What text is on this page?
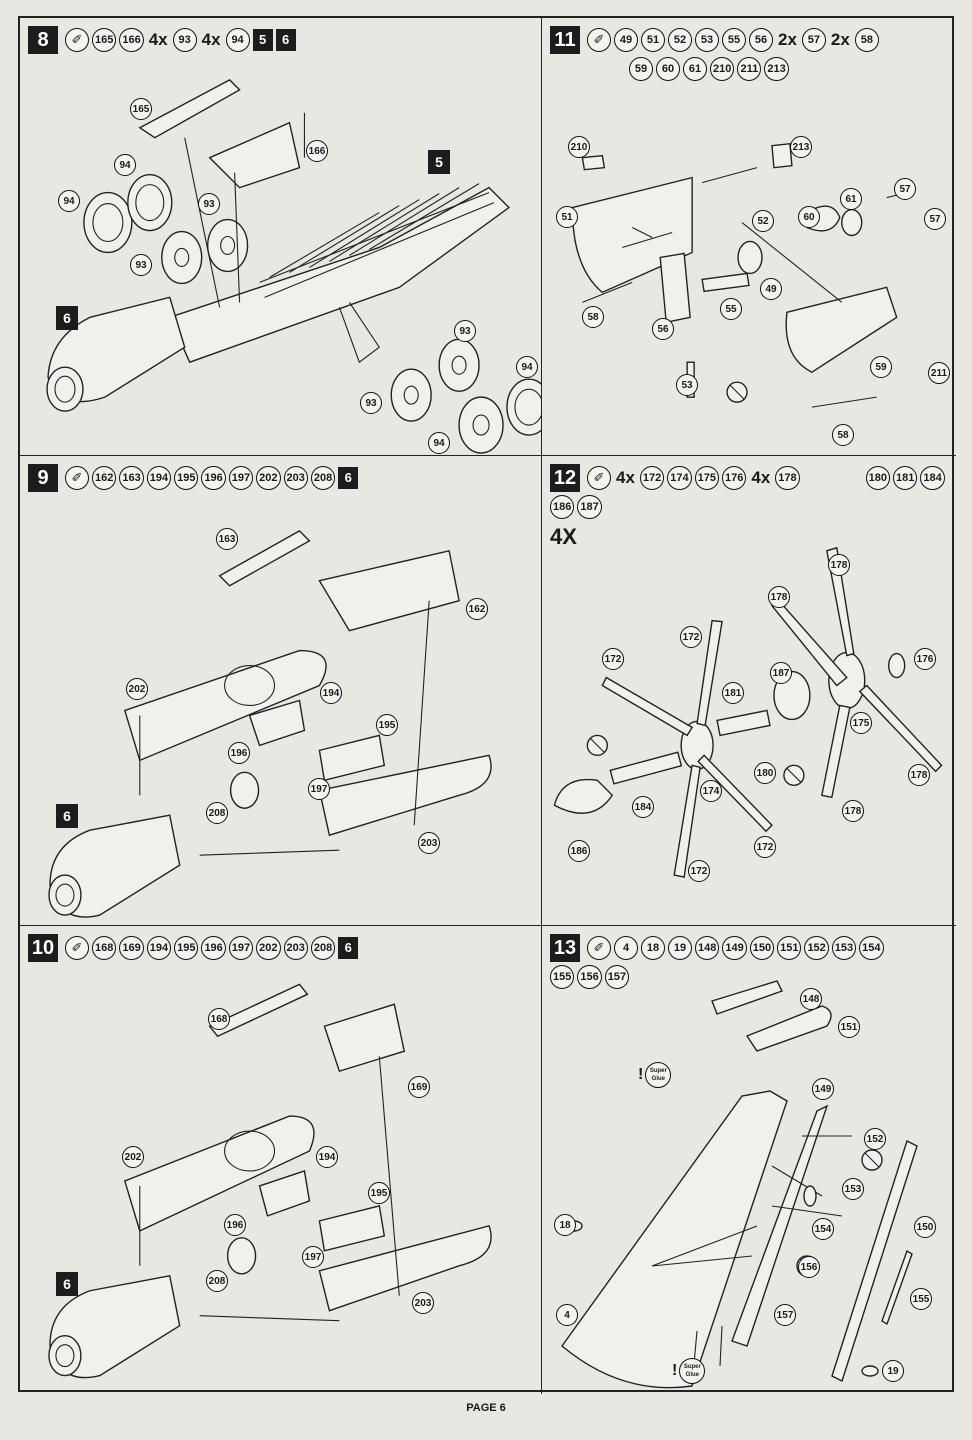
8	✐	165 166 4x 93 4x 94	5	6
165
166
94
94	93
93
93
94
93
94
5
6
11	✐	49	51	52	53	55	56 2x 57 2x 58
59	60	61	210 211 213
210	213
51	52	60
61
57
57
49
58
55
56
59
211
53
58
9	✐	162 163 194 195 196 197 202 203 208 6
163
162
202	194
195
196
197
208
203
6
12	✐ 4x 172 174 175 176 4x 178	180 181 184
186 187
4X
178
178
172
172
187
176
181
175
178
174
180
184
186	172
172
178
10	✐	168 169 194 195 196 197 202 203 208 6
168
169
202	194
195
196
197
208
203
6
13	✐	4	18	19	148 149 150 151 152 153 154
155 156 157
148
151
149
152
153
154
18
156
157
150
155
4
19
!	Super Glue
!	Super Glue
PAGE 6
